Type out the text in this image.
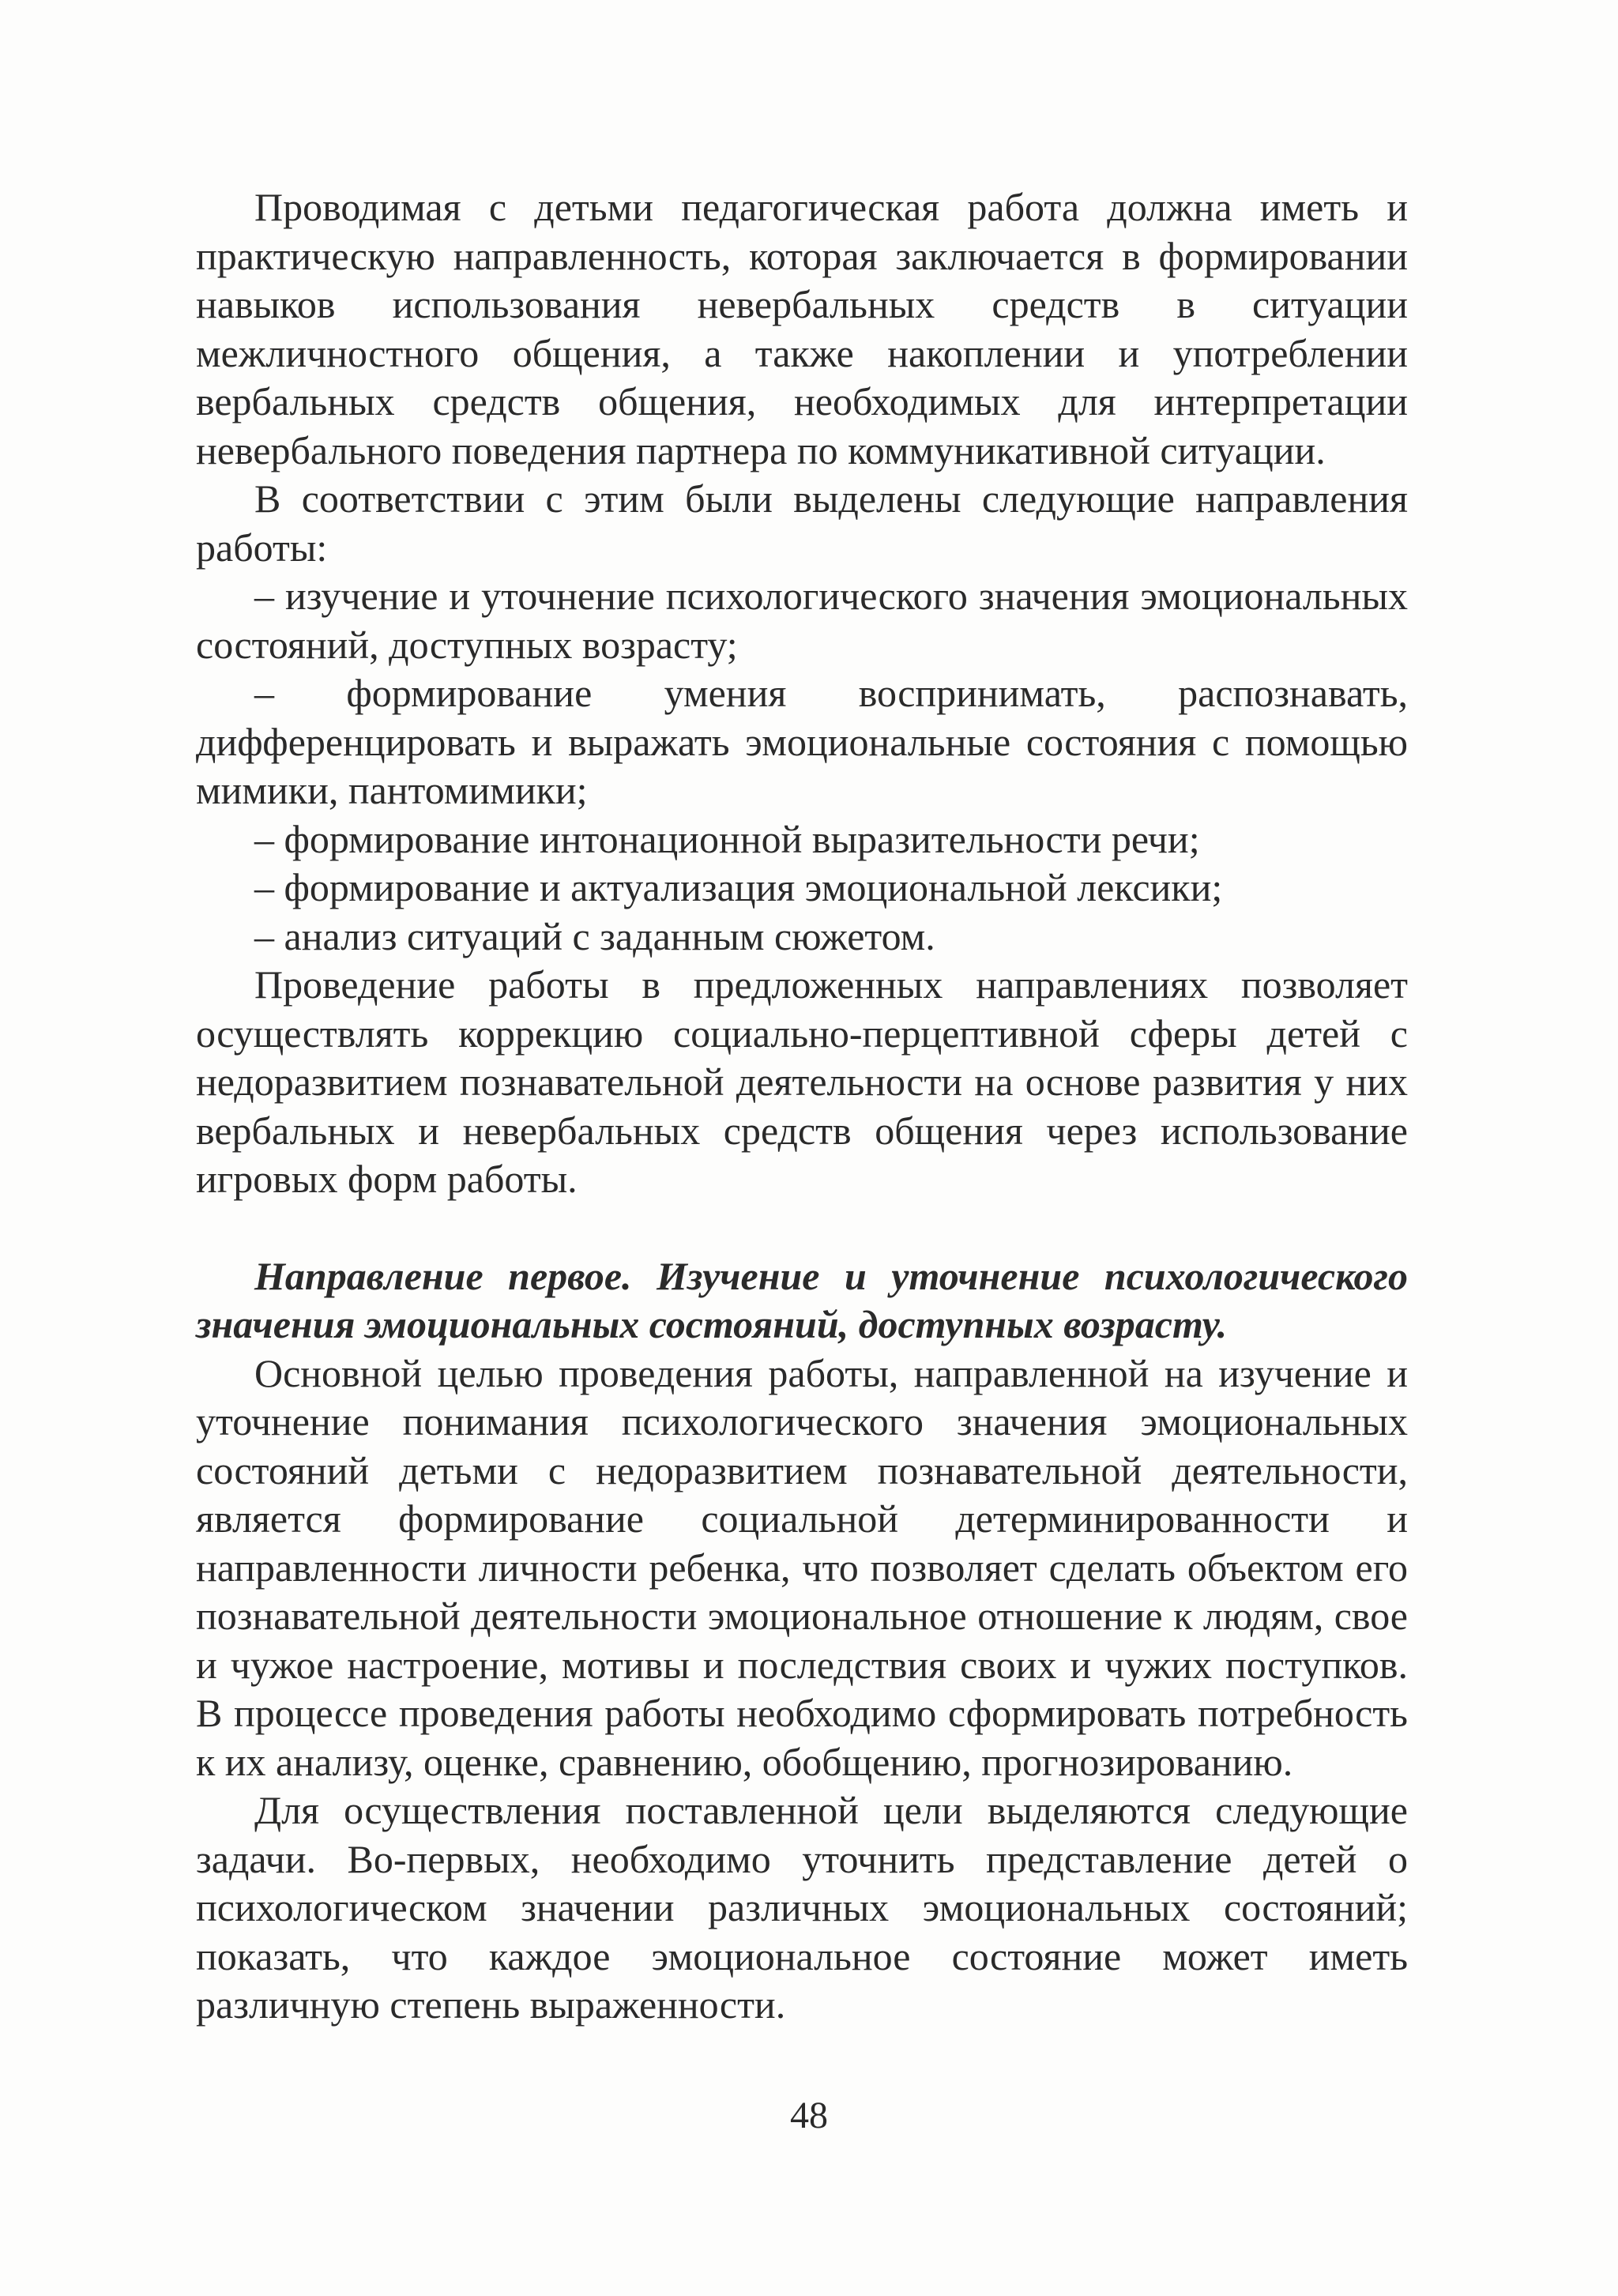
Проводимая с детьми педагогическая работа должна иметь и практическую направленность, которая заключается в формировании навыков использования невербальных средств в ситуации межличностного общения, а также накоплении и употреблении вербальных средств общения, необходимых для интерпретации невербального поведения партнера по коммуникативной ситуации.

В соответствии с этим были выделены следующие направления работы:

– изучение и уточнение психологического значения эмоциональных состояний, доступных возрасту;

– формирование умения воспринимать, распознавать, дифференцировать и выражать эмоциональные состояния с помощью мимики, пантомимики;

– формирование интонационной выразительности речи;

– формирование и актуализация эмоциональной лексики;

– анализ ситуаций с заданным сюжетом.

Проведение работы в предложенных направлениях позволяет осуществлять коррекцию социально-перцептивной сферы детей с недоразвитием познавательной деятельности на основе развития у них вербальных и невербальных средств общения через использование игровых форм работы.

Направление первое. Изучение и уточнение психологического значения эмоциональных состояний, доступных возрасту.

Основной целью проведения работы, направленной на изучение и уточнение понимания психологического значения эмоциональных состояний детьми с недоразвитием познавательной деятельности, является формирование социальной детерминированности и направленности личности ребенка, что позволяет сделать объектом его познавательной деятельности эмоциональное отношение к людям, свое и чужое настроение, мотивы и последствия своих и чужих поступков. В процессе проведения работы необходимо сформировать потребность к их анализу, оценке, сравнению, обобщению, прогнозированию.

Для осуществления поставленной цели выделяются следующие задачи. Во-первых, необходимо уточнить представление детей о психологическом значении различных эмоциональных состояний; показать, что каждое эмоциональное состояние может иметь различную степень выраженности.

48
